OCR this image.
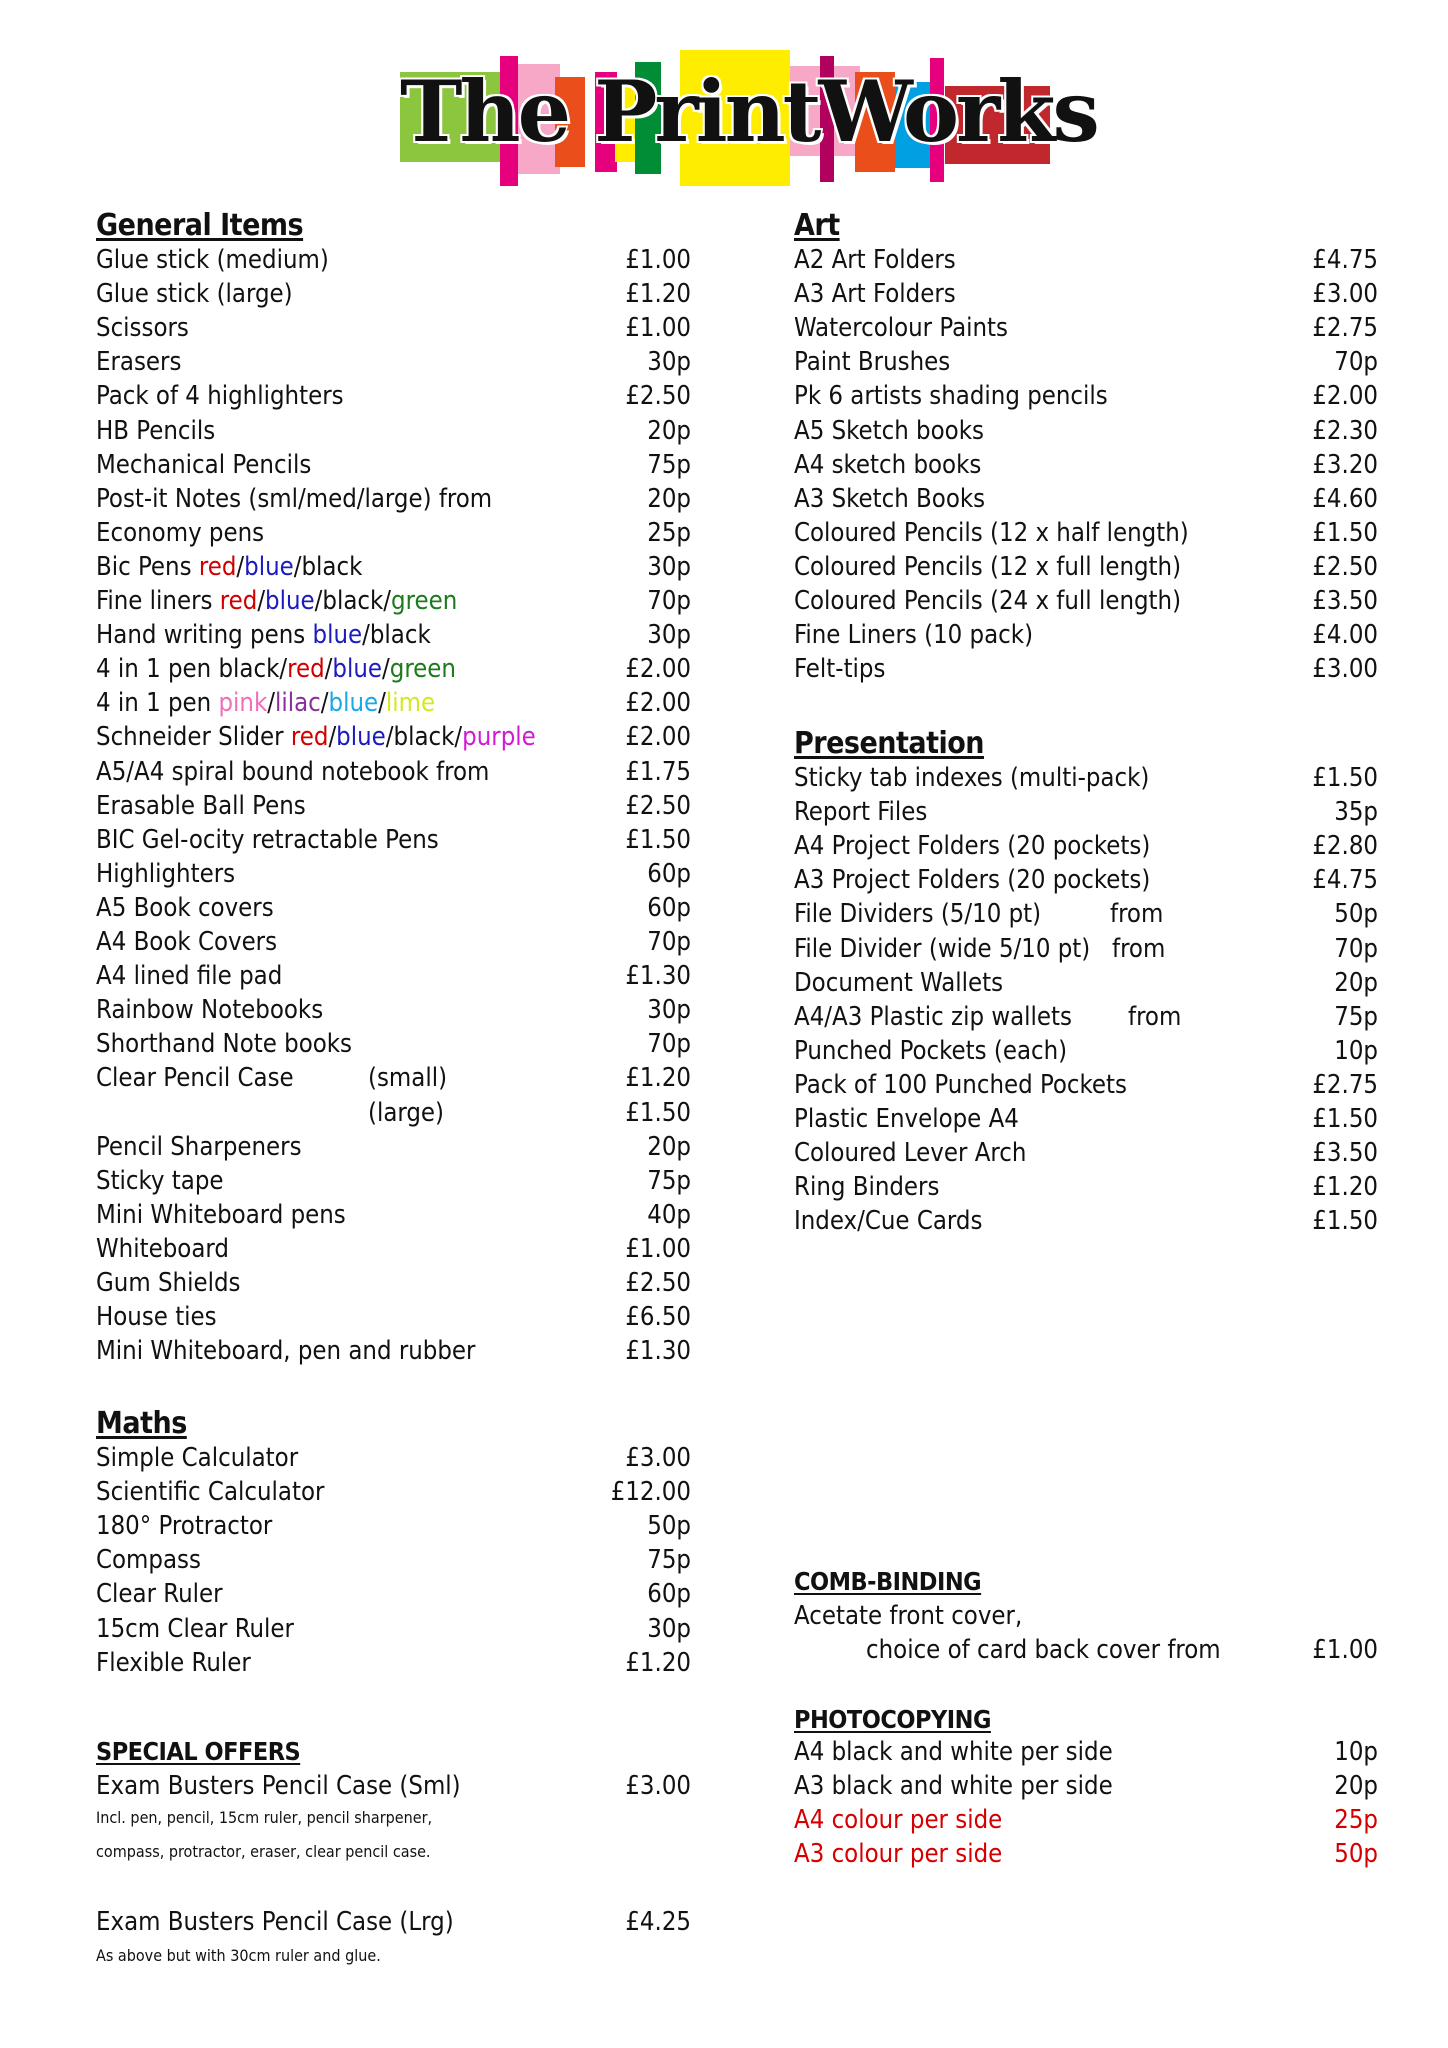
The PrintWorks
General Items
Glue stick (medium)	£1.00
Glue stick (large)	£1.20
Scissors	£1.00
Erasers	30p
Pack of 4 highlighters	£2.50
HB Pencils	20p
Mechanical Pencils	75p
Post-it Notes (sml/med/large) from	20p
Economy pens	25p
Bic Pens red/blue/black	30p
Fine liners red/blue/black/green	70p
Hand writing pens blue/black	30p
4 in 1 pen black/red/blue/green	£2.00
4 in 1 pen pink/lilac/blue/lime	£2.00
Schneider Slider red/blue/black/purple	£2.00
A5/A4 spiral bound notebook from	£1.75
Erasable Ball Pens	£2.50
BIC Gel-ocity retractable Pens	£1.50
Highlighters	60p
A5 Book covers	60p
A4 Book Covers	70p
A4 lined file pad	£1.30
Rainbow Notebooks	30p
Shorthand Note books	70p
Clear Pencil Case	(small)	£1.20
(large)	£1.50
Pencil Sharpeners	20p
Sticky tape	75p
Mini Whiteboard pens	40p
Whiteboard	£1.00
Gum Shields	£2.50
House ties	£6.50
Mini Whiteboard, pen and rubber	£1.30
Maths
Simple Calculator	£3.00
Scientific Calculator	£12.00
180° Protractor	50p
Compass	75p
Clear Ruler	60p
15cm Clear Ruler	30p
Flexible Ruler	£1.20
SPECIAL OFFERS
Exam Busters Pencil Case (Sml)	£3.00
Incl. pen, pencil, 15cm ruler, pencil sharpener,
compass, protractor, eraser, clear pencil case.
Exam Busters Pencil Case (Lrg)	£4.25
As above but with 30cm ruler and glue.
Art
A2 Art Folders	£4.75
A3 Art Folders	£3.00
Watercolour Paints	£2.75
Paint Brushes	70p
Pk 6 artists shading pencils	£2.00
A5 Sketch books	£2.30
A4 sketch books	£3.20
A3 Sketch Books	£4.60
Coloured Pencils (12 x half length)	£1.50
Coloured Pencils (12 x full length)	£2.50
Coloured Pencils (24 x full length)	£3.50
Fine Liners (10 pack)	£4.00
Felt-tips	£3.00
Presentation
Sticky tab indexes (multi-pack)	£1.50
Report Files	35p
A4 Project Folders (20 pockets)	£2.80
A3 Project Folders (20 pockets)	£4.75
File Dividers (5/10 pt)	from	50p
File Divider (wide 5/10 pt) from	70p
Document Wallets	20p
A4/A3 Plastic zip wallets from	75p
Punched Pockets (each)	10p
Pack of 100 Punched Pockets	£2.75
Plastic Envelope A4	£1.50
Coloured Lever Arch	£3.50
Ring Binders	£1.20
Index/Cue Cards	£1.50
COMB-BINDING
Acetate front cover,
choice of card back cover from	£1.00
PHOTOCOPYING
A4 black and white per side	10p
A3 black and white per side	20p
A4 colour per side	25p
A3 colour per side	50p
